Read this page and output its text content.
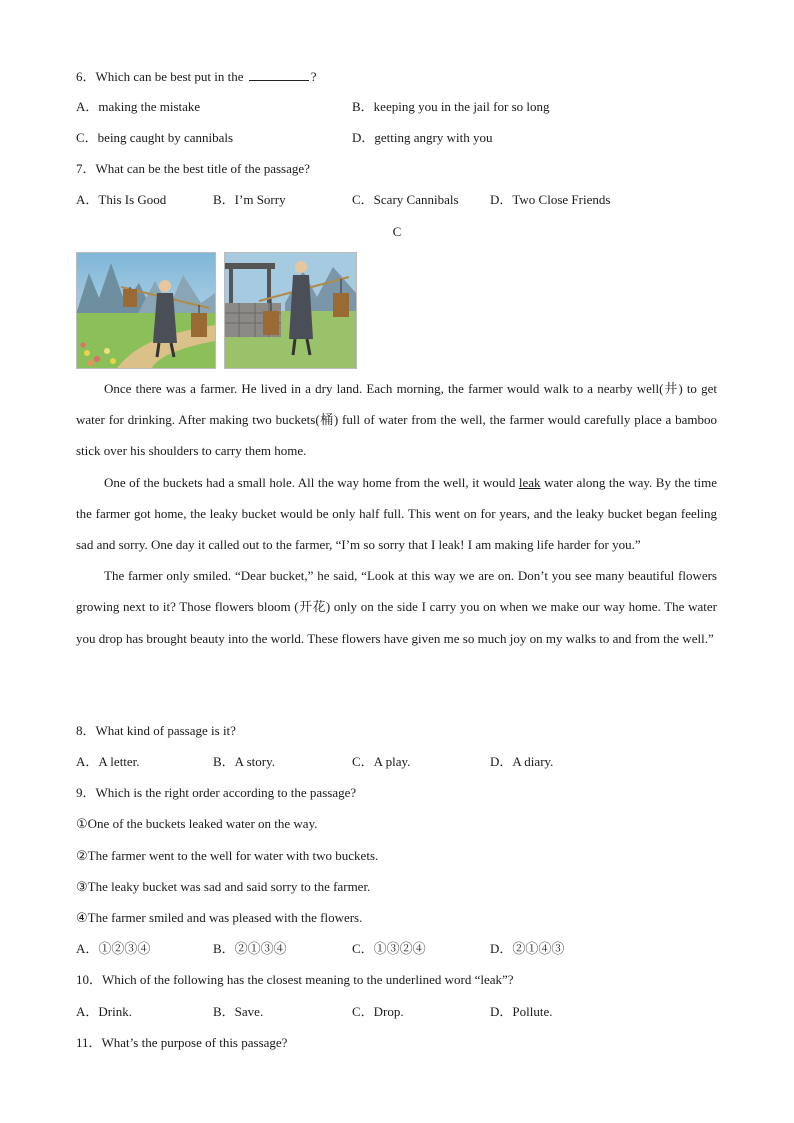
6．Which can be best put in the	?
A．making the mistake	B．keeping you in the jail for so long
C．being caught by cannibals	D．getting angry with you
7．What can be the best title of the passage?
A．This Is Good	B．I’m Sorry	C．Scary Cannibals D．Two Close Friends
C

Once there was a farmer. He lived in a dry land. Each morning, the farmer would walk to a nearby well(井) to get water for drinking. After making two buckets(桶) full of water from the well, the farmer would carefully place a bamboo stick over his shoulders to carry them home.

One of the buckets had a small hole. All the way home from the well, it would leak water along the way. By the time the farmer got home, the leaky bucket would be only half full. This went on for years, and the leaky bucket began feeling sad and sorry. One day it called out to the farmer, “I’m so sorry that I leak! I am making life harder for you.”

The farmer only smiled. “Dear bucket,” he said, “Look at this way we are on. Don’t you see many beautiful flowers growing next to it? Those flowers bloom (开花) only on the side I carry you on when we make our way home. The water you drop has brought beauty into the world. These flowers have given me so much joy on my walks to and from the well.”

8．What kind of passage is it?
A．A letter.	B．A story.	C．A play.	D．A diary.
9．Which is the right order according to the passage?
①One of the buckets leaked water on the way.
②The farmer went to the well for water with two buckets.
③The leaky bucket was sad and said sorry to the farmer.
④The farmer smiled and was pleased with the flowers.
A．①②③④	B．②①③④	C．①③②④	D．②①④③
10．Which of the following has the closest meaning to the underlined word “leak”?
A．Drink.	B．Save.	C．Drop.	D．Pollute.
11．What’s the purpose of this passage?
